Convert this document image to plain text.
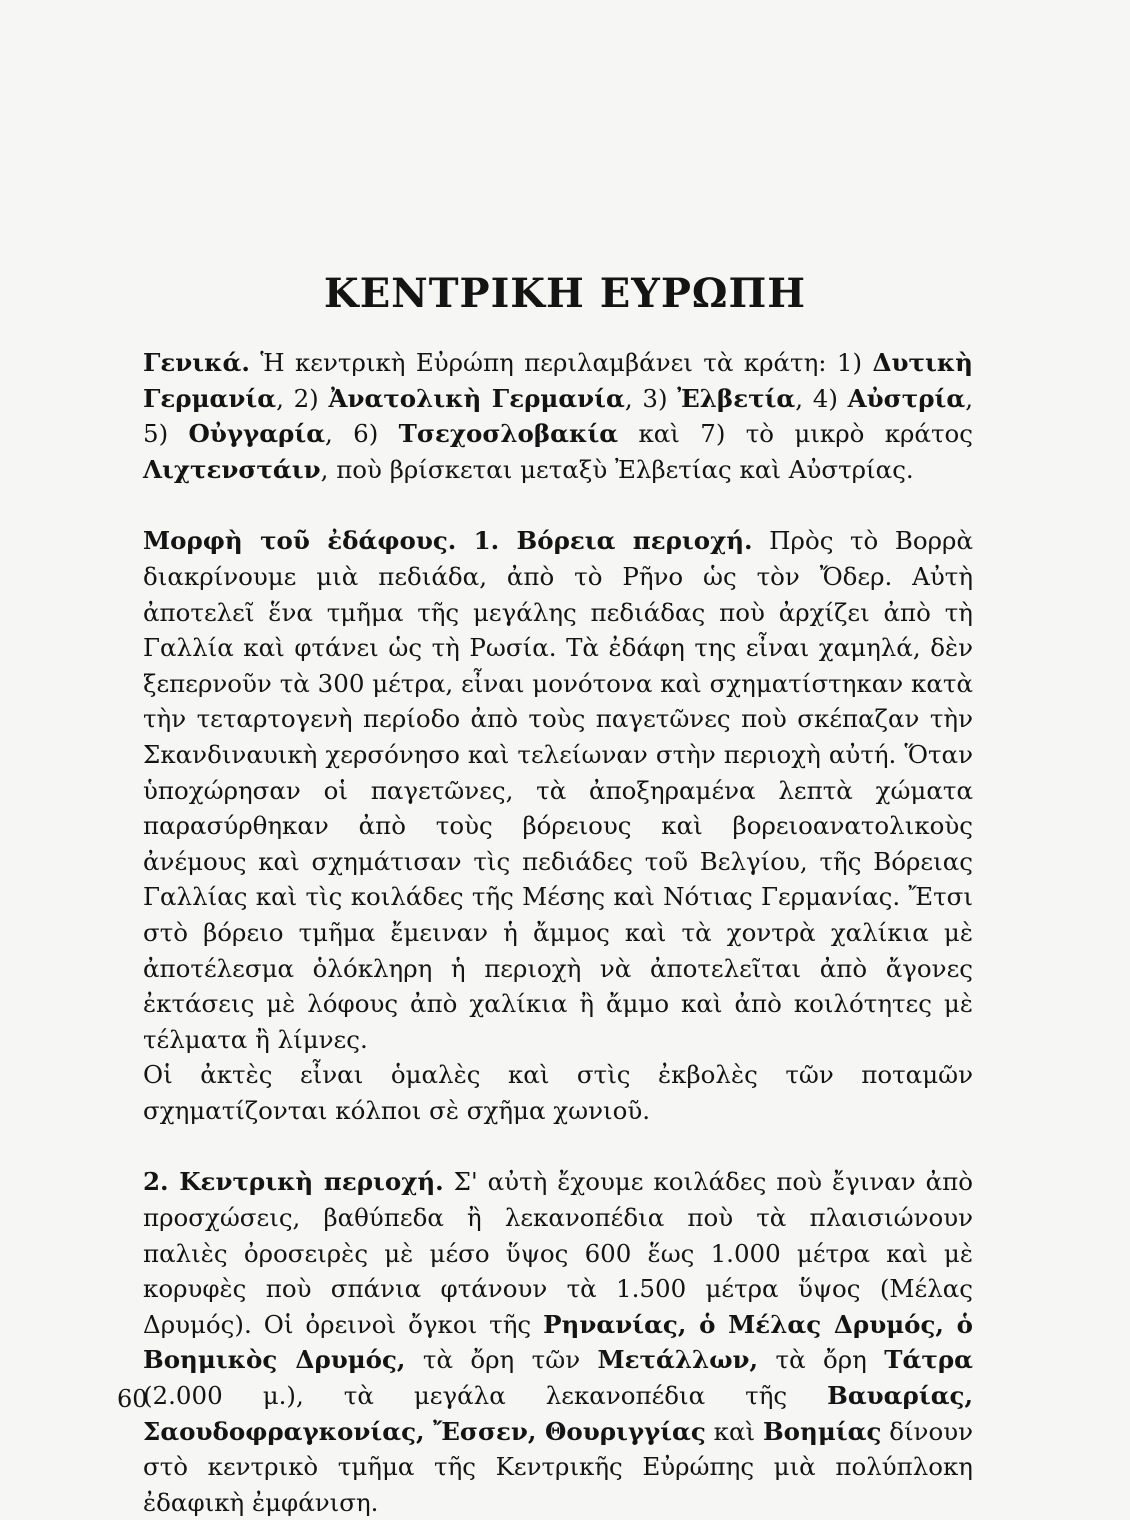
ΚΕΝΤΡΙΚΗ ΕΥΡΩΠΗ

Γενικά. Ἡ κεντρικὴ Εὐρώπη περιλαμβάνει τὰ κράτη: 1) Δυτικὴ Γερμανία, 2) Ἀνατολικὴ Γερμανία, 3) Ἐλβετία, 4) Αὐστρία, 5) Οὐγγαρία, 6) Τσεχοσλοβακία καὶ 7) τὸ μικρὸ κράτος Λιχτενστάιν, ποὺ βρίσκεται μεταξὺ Ἐλβετίας καὶ Αὐστρίας.

Μορφὴ τοῦ ἐδάφους. 1. Βόρεια περιοχή. Πρὸς τὸ Βορρὰ διακρίνουμε μιὰ πεδιάδα, ἀπὸ τὸ Ρῆνο ὡς τὸν Ὄδερ. Αὐτὴ ἀποτελεῖ ἕνα τμῆμα τῆς μεγάλης πεδιάδας ποὺ ἀρχίζει ἀπὸ τὴ Γαλλία καὶ φτάνει ὡς τὴ Ρωσία. Τὰ ἐδάφη της εἶναι χαμηλά, δὲν ξεπερνοῦν τὰ 300 μέτρα, εἶναι μονότονα καὶ σχηματίστηκαν κατὰ τὴν τεταρτογενὴ περίοδο ἀπὸ τοὺς παγετῶνες ποὺ σκέπαζαν τὴν Σκανδιναυικὴ χερσόνησο καὶ τελείωναν στὴν περιοχὴ αὐτή. Ὅταν ὑποχώρησαν οἱ παγετῶνες, τὰ ἀποξηραμένα λεπτὰ χώματα παρασύρθηκαν ἀπὸ τοὺς βόρειους καὶ βορειοανατολικοὺς ἀνέμους καὶ σχημάτισαν τὶς πεδιάδες τοῦ Βελγίου, τῆς Βόρειας Γαλλίας καὶ τὶς κοιλάδες τῆς Μέσης καὶ Νότιας Γερμανίας. Ἔτσι στὸ βόρειο τμῆμα ἔμειναν ἡ ἄμμος καὶ τὰ χοντρὰ χαλίκια μὲ ἀποτέλεσμα ὁλόκληρη ἡ περιοχὴ νὰ ἀποτελεῖται ἀπὸ ἄγονες ἐκτάσεις μὲ λόφους ἀπὸ χαλίκια ἢ ἄμμο καὶ ἀπὸ κοιλότητες μὲ τέλματα ἢ λίμνες.

Οἱ ἀκτὲς εἶναι ὁμαλὲς καὶ στὶς ἐκβολὲς τῶν ποταμῶν σχηματίζονται κόλποι σὲ σχῆμα χωνιοῦ.

2. Κεντρικὴ περιοχή. Σ' αὐτὴ ἔχουμε κοιλάδες ποὺ ἔγιναν ἀπὸ προσχώσεις, βαθύπεδα ἢ λεκανοπέδια ποὺ τὰ πλαισιώνουν παλιὲς ὀροσειρὲς μὲ μέσο ὕψος 600 ἕως 1.000 μέτρα καὶ μὲ κορυφὲς ποὺ σπάνια φτάνουν τὰ 1.500 μέτρα ὕψος (Μέλας Δρυμός). Οἱ ὀρεινοὶ ὄγκοι τῆς Ρηνανίας, ὁ Μέλας Δρυμός, ὁ Βοημικὸς Δρυμός, τὰ ὄρη τῶν Μετάλλων, τὰ ὄρη Τάτρα (2.000 μ.), τὰ μεγάλα λεκανοπέδια τῆς Βαυαρίας, Σαουδοφραγκονίας, Ἔσσεν, Θουριγγίας καὶ Βοημίας δίνουν στὸ κεντρικὸ τμῆμα τῆς Κεντρικῆς Εὐρώπης μιὰ πολύπλοκη ἐδαφικὴ ἐμφάνιση.

60
